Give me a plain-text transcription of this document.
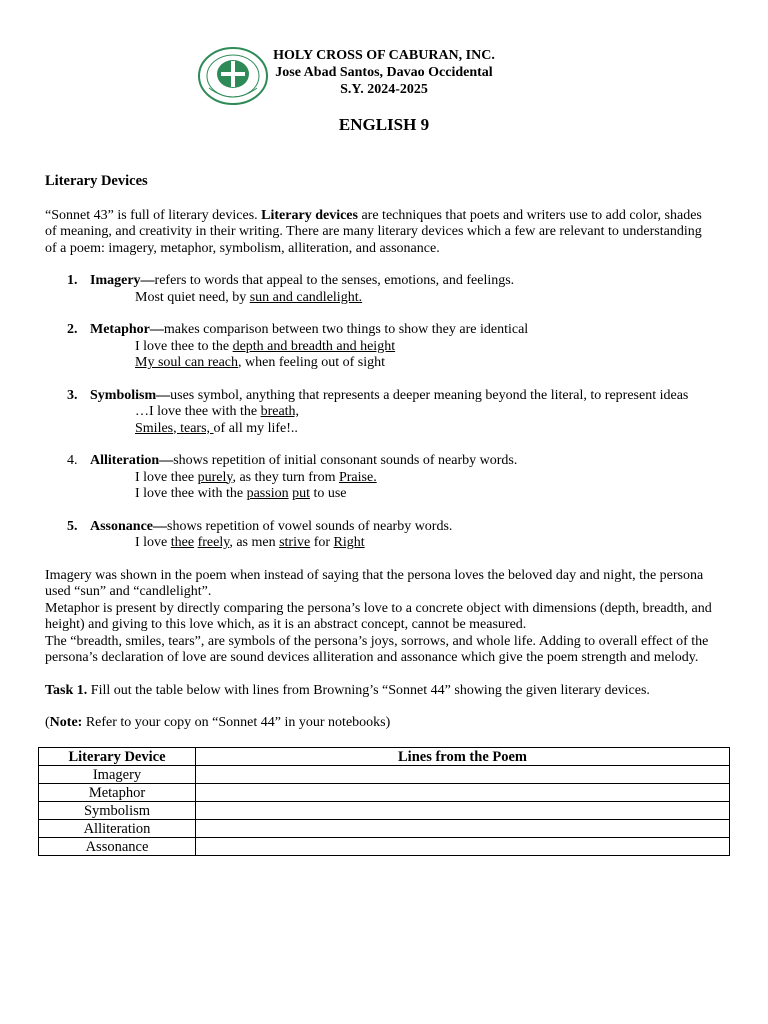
HOLY CROSS OF CABURAN, INC.
Jose Abad Santos, Davao Occidental
S.Y. 2024-2025
ENGLISH 9

Literary Devices

“Sonnet 43” is full of literary devices. Literary devices are techniques that poets and writers use to add color, shades of meaning, and creativity in their writing. There are many literary devices which a few are relevant to understanding of a poem: imagery, metaphor, symbolism, alliteration, and assonance.

1. Imagery—refers to words that appeal to the senses, emotions, and feelings.
Most quiet need, by sun and candlelight.
2. Metaphor—makes comparison between two things to show they are identical
I love thee to the depth and breadth and height
My soul can reach, when feeling out of sight
3. Symbolism—uses symbol, anything that represents a deeper meaning beyond the literal, to represent ideas
…I love thee with the breath,
Smiles, tears, of all my life!..
4. Alliteration—shows repetition of initial consonant sounds of nearby words.
I love thee purely, as they turn from Praise.
I love thee with the passion put to use
5. Assonance—shows repetition of vowel sounds of nearby words.
I love thee freely, as men strive for Right

Imagery was shown in the poem when instead of saying that the persona loves the beloved day and night, the persona used “sun” and “candlelight”.

Metaphor is present by directly comparing the persona’s love to a concrete object with dimensions (depth, breadth, and height) and giving to this love which, as it is an abstract concept, cannot be measured.

The “breadth, smiles, tears”, are symbols of the persona’s joys, sorrows, and whole life. Adding to overall effect of the persona’s declaration of love are sound devices alliteration and assonance which give the poem strength and melody.

Task 1. Fill out the table below with lines from Browning’s “Sonnet 44” showing the given literary devices.

(Note: Refer to your copy on “Sonnet 44” in your notebooks)

Literary Device	Lines from the Poem
Imagery	
Metaphor	
Symbolism	
Alliteration	
Assonance	
